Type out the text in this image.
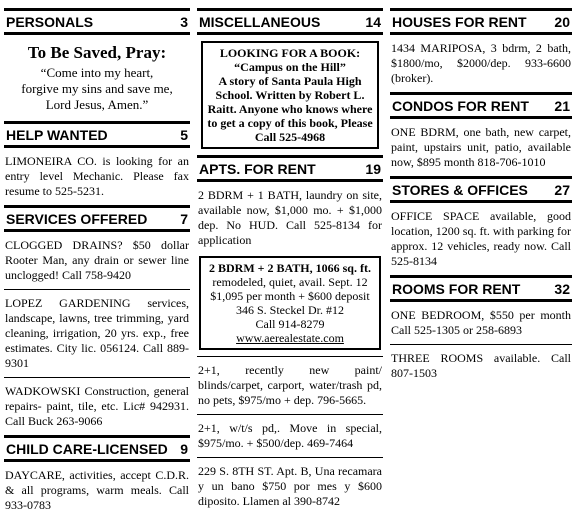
PERSONALS	3
To Be Saved, Pray:
“Come into my heart,
forgive my sins and save me,
Lord Jesus, Amen.”
HELP WANTED	5
LIMONEIRA CO. is looking for an entry level Mechanic. Please fax resume to 525-5231.
SERVICES OFFERED 7
CLOGGED DRAINS? $50 dollar Rooter Man, any drain or sewer line unclogged! Call 758-9420
LOPEZ GARDENING services, landscape, lawns, tree trimming, yard cleaning, irrigation, 20 yrs. exp., free estimates. City lic. 056124. Call 889-9301
WADKOWSKI Construction, general repairs- paint, tile, etc. Lic# 942931. Call Buck 263-9066
CHILD CARE-LICENSED 9
DAYCARE, activities, accept C.D.R. & all programs, warm meals. Call 933-0783
MISCELLANEOUS	14
LOOKING FOR A BOOK:
“Campus on the Hill”
A story of Santa Paula High School. Written by Robert L. Raitt. Anyone who knows where to get a copy of this book, Please Call 525-4968
APTS. FOR RENT	19
2 BDRM + 1 BATH, laundry on site, available now, $1,000 mo. + $1,000 dep. No HUD. Call 525-8134 for application
2 BDRM + 2 BATH, 1066 sq. ft.
remodeled, quiet, avail. Sept. 12
$1,095 per month + $600 deposit
346 S. Steckel Dr. #12
Call 914-8279
www.aerealestate.com
2+1, recently new paint/ blinds/carpet, carport, water/trash pd, no pets, $975/mo + dep. 796-5665.
2+1, w/t/s pd,. Move in special, $975/mo. + $500/dep. 469-7464
229 S. 8TH ST. Apt. B, Una recamara y un bano $750 por mes y $600 diposito. Llamen al 390-8742
HOUSES FOR RENT 20
1434 MARIPOSA, 3 bdrm, 2 bath, $1800/mo, $2000/dep. 933-6600 (broker).
CONDOS FOR RENT 21
ONE BDRM, one bath, new carpet, paint, upstairs unit, patio, available now, $895 month 818-706-1010
STORES & OFFICES 27
OFFICE SPACE available, good location, 1200 sq. ft. with parking for approx. 12 vehicles, ready now. Call 525-8134
ROOMS FOR RENT 32
ONE BEDROOM, $550 per month Call 525-1305 or 258-6893
THREE ROOMS available. Call 807-1503
